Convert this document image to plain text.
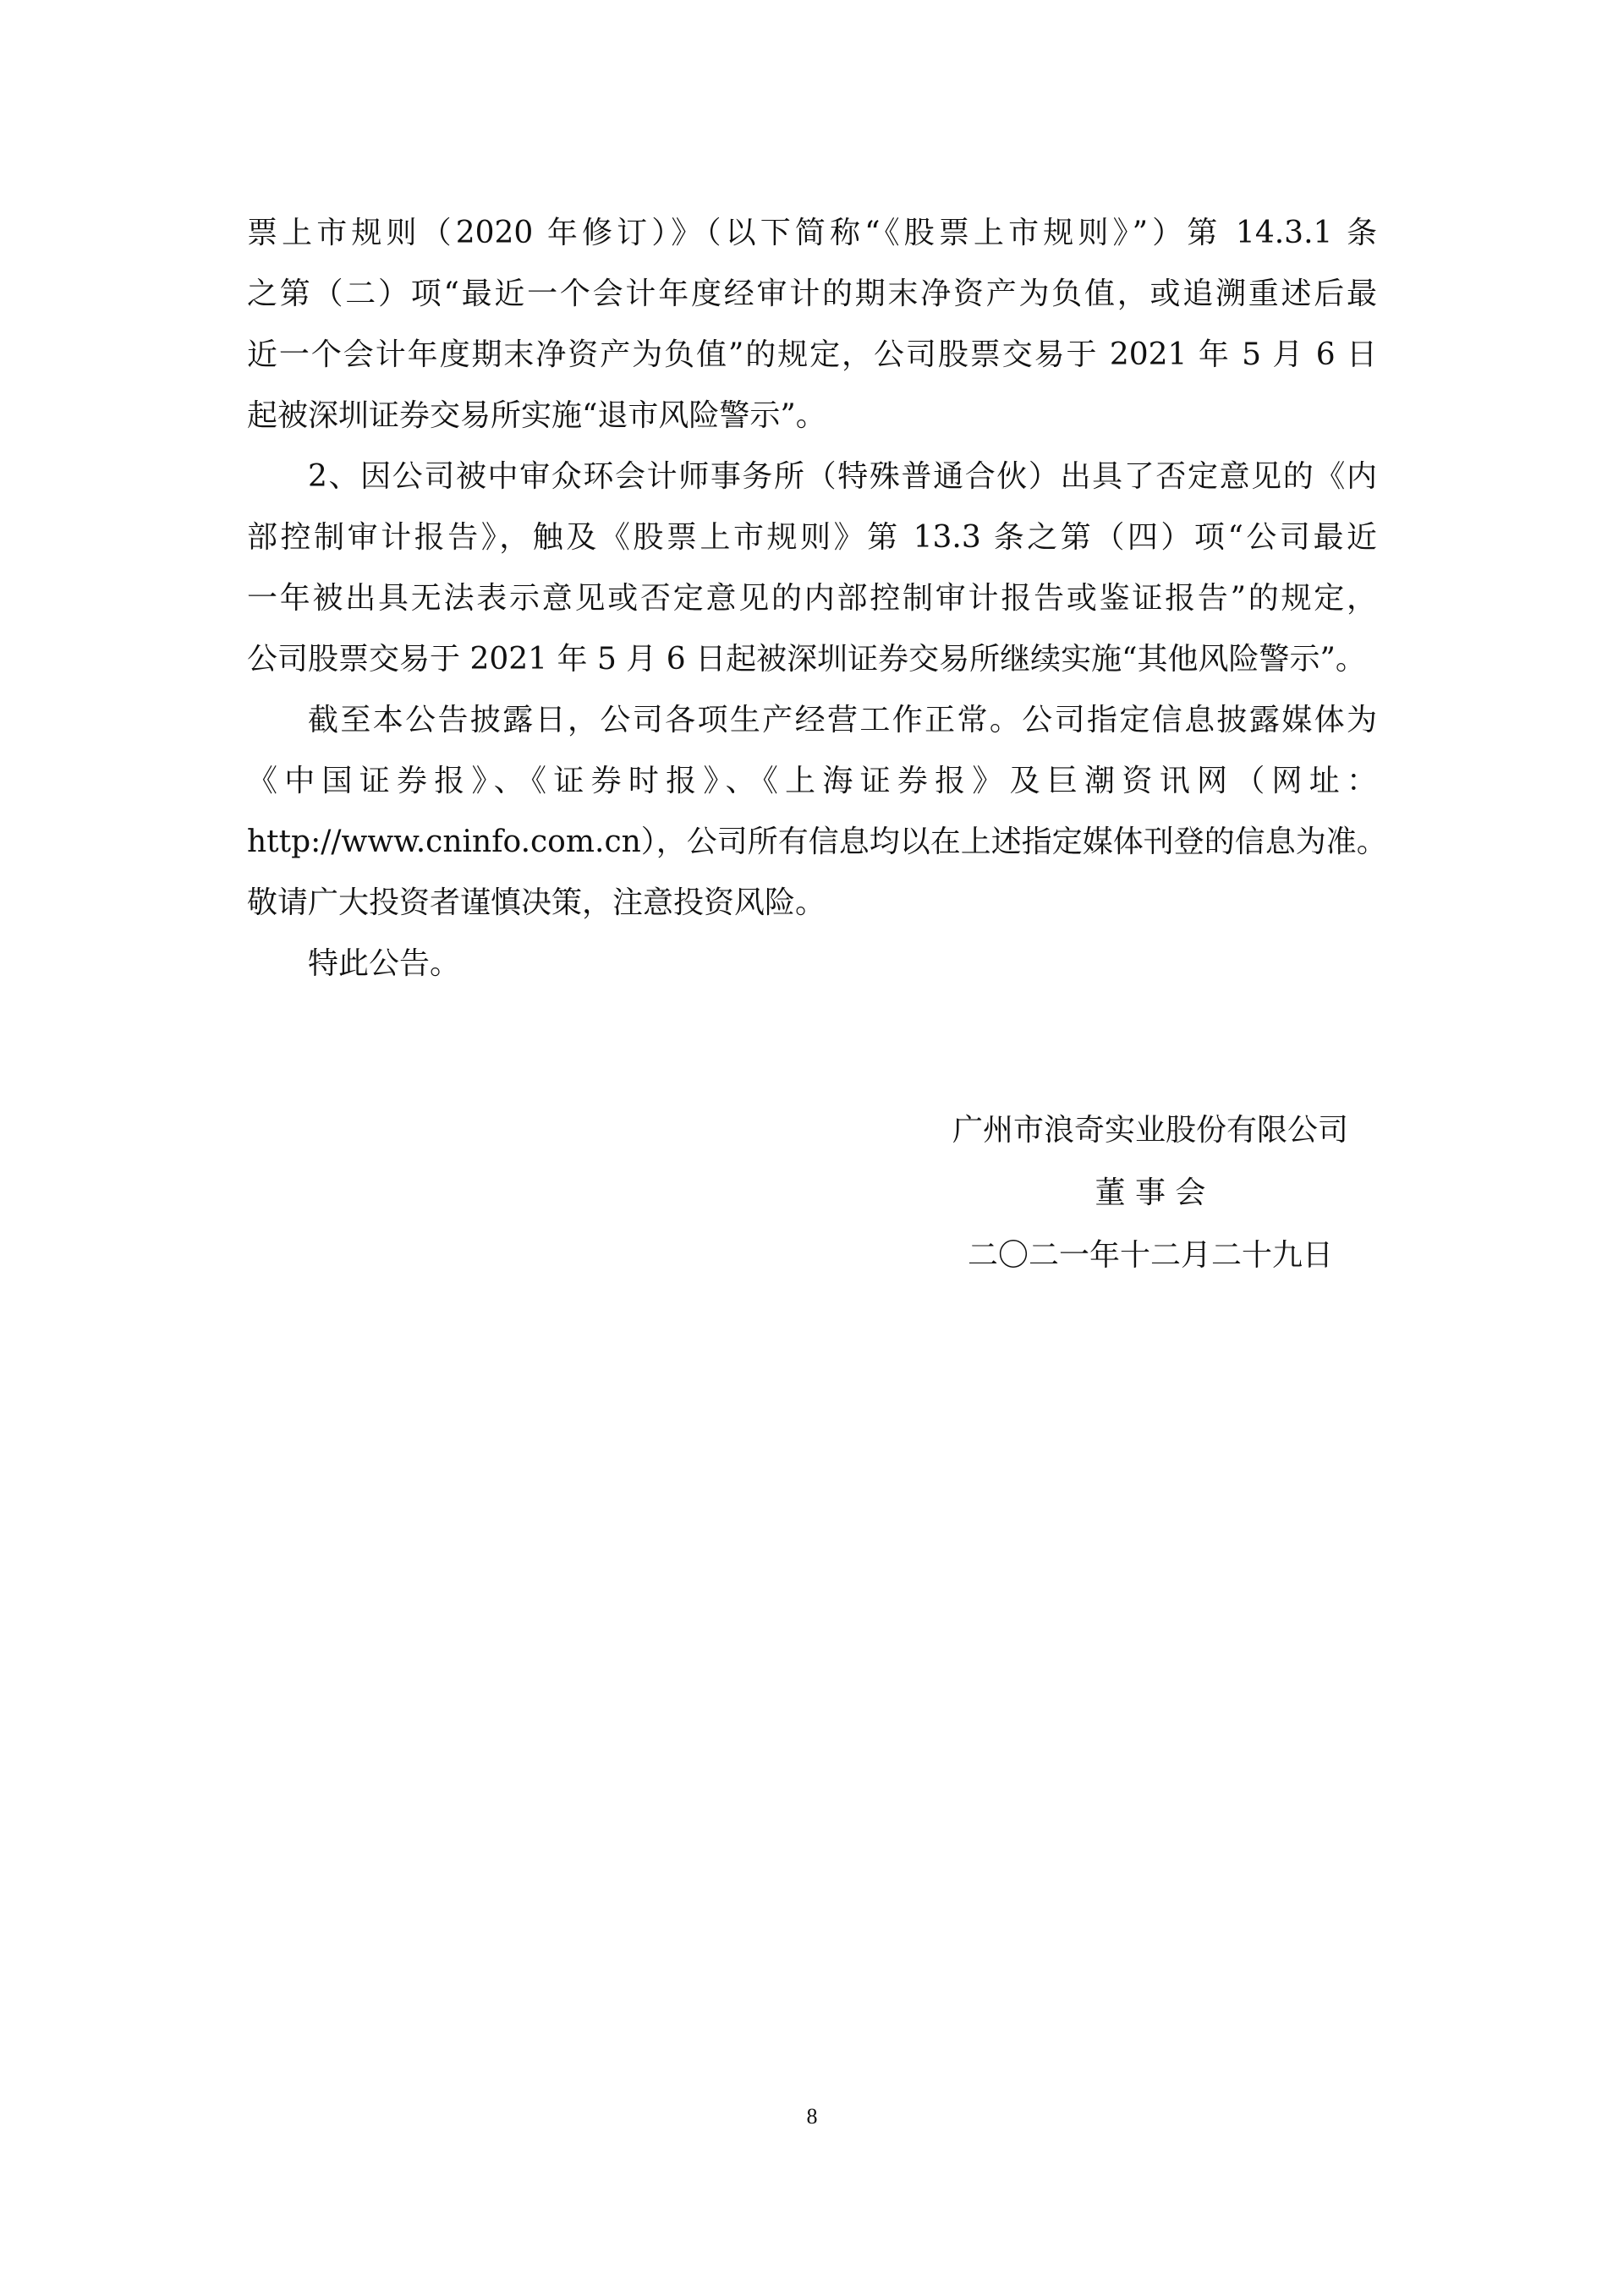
票上市规则（2020 年修订）》（以下简称“《股票上市规则》”）第 14.3.1 条
之第（二）项“最近一个会计年度经审计的期末净资产为负值，或追溯重述后最
近一个会计年度期末净资产为负值”的规定，公司股票交易于 2021 年 5 月 6 日
起被深圳证券交易所实施“退市风险警示”。
2、因公司被中审众环会计师事务所（特殊普通合伙）出具了否定意见的《内
部控制审计报告》，触及《股票上市规则》第 13.3 条之第（四）项“公司最近
一年被出具无法表示意见或否定意见的内部控制审计报告或鉴证报告”的规定，
公司股票交易于 2021 年 5 月 6 日起被深圳证券交易所继续实施“其他风险警示”。
截至本公告披露日，公司各项生产经营工作正常。公司指定信息披露媒体为
《中国证券报》、《证券时报》、《上海证券报》及巨潮资讯网（网址：
http://www.cninfo.com.cn），公司所有信息均以在上述指定媒体刊登的信息为准。
敬请广大投资者谨慎决策，注意投资风险。
特此公告。
广州市浪奇实业股份有限公司
董 事 会
二〇二一年十二月二十九日
8
